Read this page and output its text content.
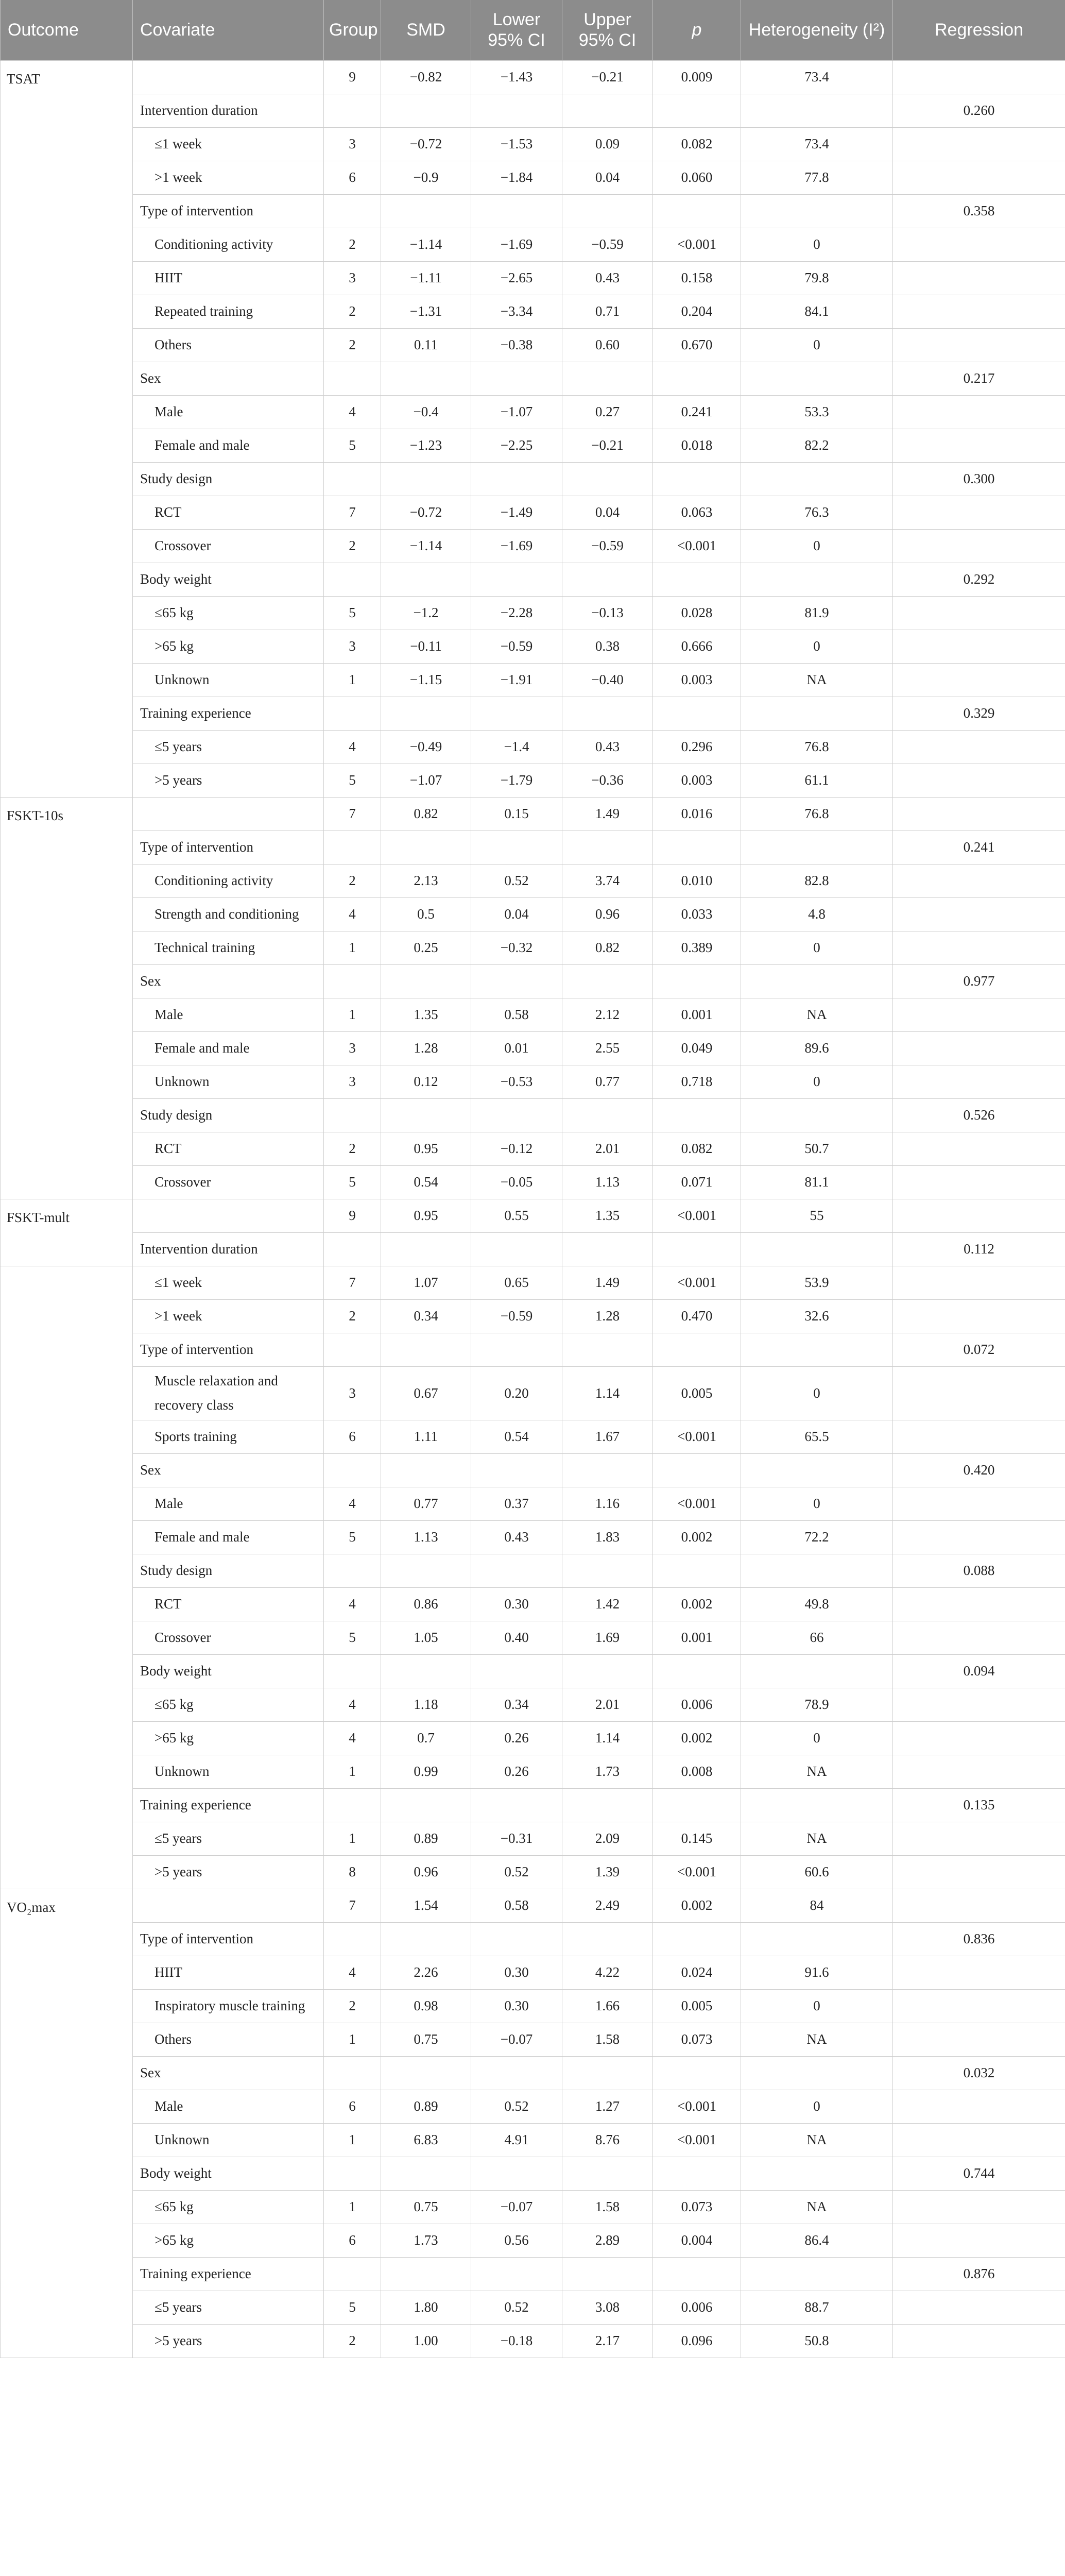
Outcome	Covariate	Group	SMD	Lower 95% CI	Upper 95% CI	p	Heterogeneity (I²)	Regression
TSAT		9	−0.82	−1.43	−0.21	0.009	73.4	
	Intervention duration							0.260
	≤1 week	3	−0.72	−1.53	0.09	0.082	73.4	
	>1 week	6	−0.9	−1.84	0.04	0.060	77.8	
	Type of intervention							0.358
	Conditioning activity	2	−1.14	−1.69	−0.59	<0.001	0	
	HIIT	3	−1.11	−2.65	0.43	0.158	79.8	
	Repeated training	2	−1.31	−3.34	0.71	0.204	84.1	
	Others	2	0.11	−0.38	0.60	0.670	0	
	Sex							0.217
	Male	4	−0.4	−1.07	0.27	0.241	53.3	
	Female and male	5	−1.23	−2.25	−0.21	0.018	82.2	
	Study design							0.300
	RCT	7	−0.72	−1.49	0.04	0.063	76.3	
	Crossover	2	−1.14	−1.69	−0.59	<0.001	0	
	Body weight							0.292
	≤65 kg	5	−1.2	−2.28	−0.13	0.028	81.9	
	>65 kg	3	−0.11	−0.59	0.38	0.666	0	
	Unknown	1	−1.15	−1.91	−0.40	0.003	NA	
	Training experience							0.329
	≤5 years	4	−0.49	−1.4	0.43	0.296	76.8	
	>5 years	5	−1.07	−1.79	−0.36	0.003	61.1	
FSKT-10s		7	0.82	0.15	1.49	0.016	76.8	
	Type of intervention							0.241
	Conditioning activity	2	2.13	0.52	3.74	0.010	82.8	
	Strength and conditioning	4	0.5	0.04	0.96	0.033	4.8	
	Technical training	1	0.25	−0.32	0.82	0.389	0	
	Sex							0.977
	Male	1	1.35	0.58	2.12	0.001	NA	
	Female and male	3	1.28	0.01	2.55	0.049	89.6	
	Unknown	3	0.12	−0.53	0.77	0.718	0	
	Study design							0.526
	RCT	2	0.95	−0.12	2.01	0.082	50.7	
	Crossover	5	0.54	−0.05	1.13	0.071	81.1	
FSKT-mult		9	0.95	0.55	1.35	<0.001	55	
	Intervention duration							0.112
	≤1 week	7	1.07	0.65	1.49	<0.001	53.9	
	>1 week	2	0.34	−0.59	1.28	0.470	32.6	
	Type of intervention							0.072
	Muscle relaxation and recovery class	3	0.67	0.20	1.14	0.005	0	
	Sports training	6	1.11	0.54	1.67	<0.001	65.5	
	Sex							0.420
	Male	4	0.77	0.37	1.16	<0.001	0	
	Female and male	5	1.13	0.43	1.83	0.002	72.2	
	Study design							0.088
	RCT	4	0.86	0.30	1.42	0.002	49.8	
	Crossover	5	1.05	0.40	1.69	0.001	66	
	Body weight							0.094
	≤65 kg	4	1.18	0.34	2.01	0.006	78.9	
	>65 kg	4	0.7	0.26	1.14	0.002	0	
	Unknown	1	0.99	0.26	1.73	0.008	NA	
	Training experience							0.135
	≤5 years	1	0.89	−0.31	2.09	0.145	NA	
	>5 years	8	0.96	0.52	1.39	<0.001	60.6	
VO₂max		7	1.54	0.58	2.49	0.002	84	
	Type of intervention							0.836
	HIIT	4	2.26	0.30	4.22	0.024	91.6	
	Inspiratory muscle training	2	0.98	0.30	1.66	0.005	0	
	Others	1	0.75	−0.07	1.58	0.073	NA	
	Sex							0.032
	Male	6	0.89	0.52	1.27	<0.001	0	
	Unknown	1	6.83	4.91	8.76	<0.001	NA	
	Body weight							0.744
	≤65 kg	1	0.75	−0.07	1.58	0.073	NA	
	>65 kg	6	1.73	0.56	2.89	0.004	86.4	
	Training experience							0.876
	≤5 years	5	1.80	0.52	3.08	0.006	88.7	
	>5 years	2	1.00	−0.18	2.17	0.096	50.8	
